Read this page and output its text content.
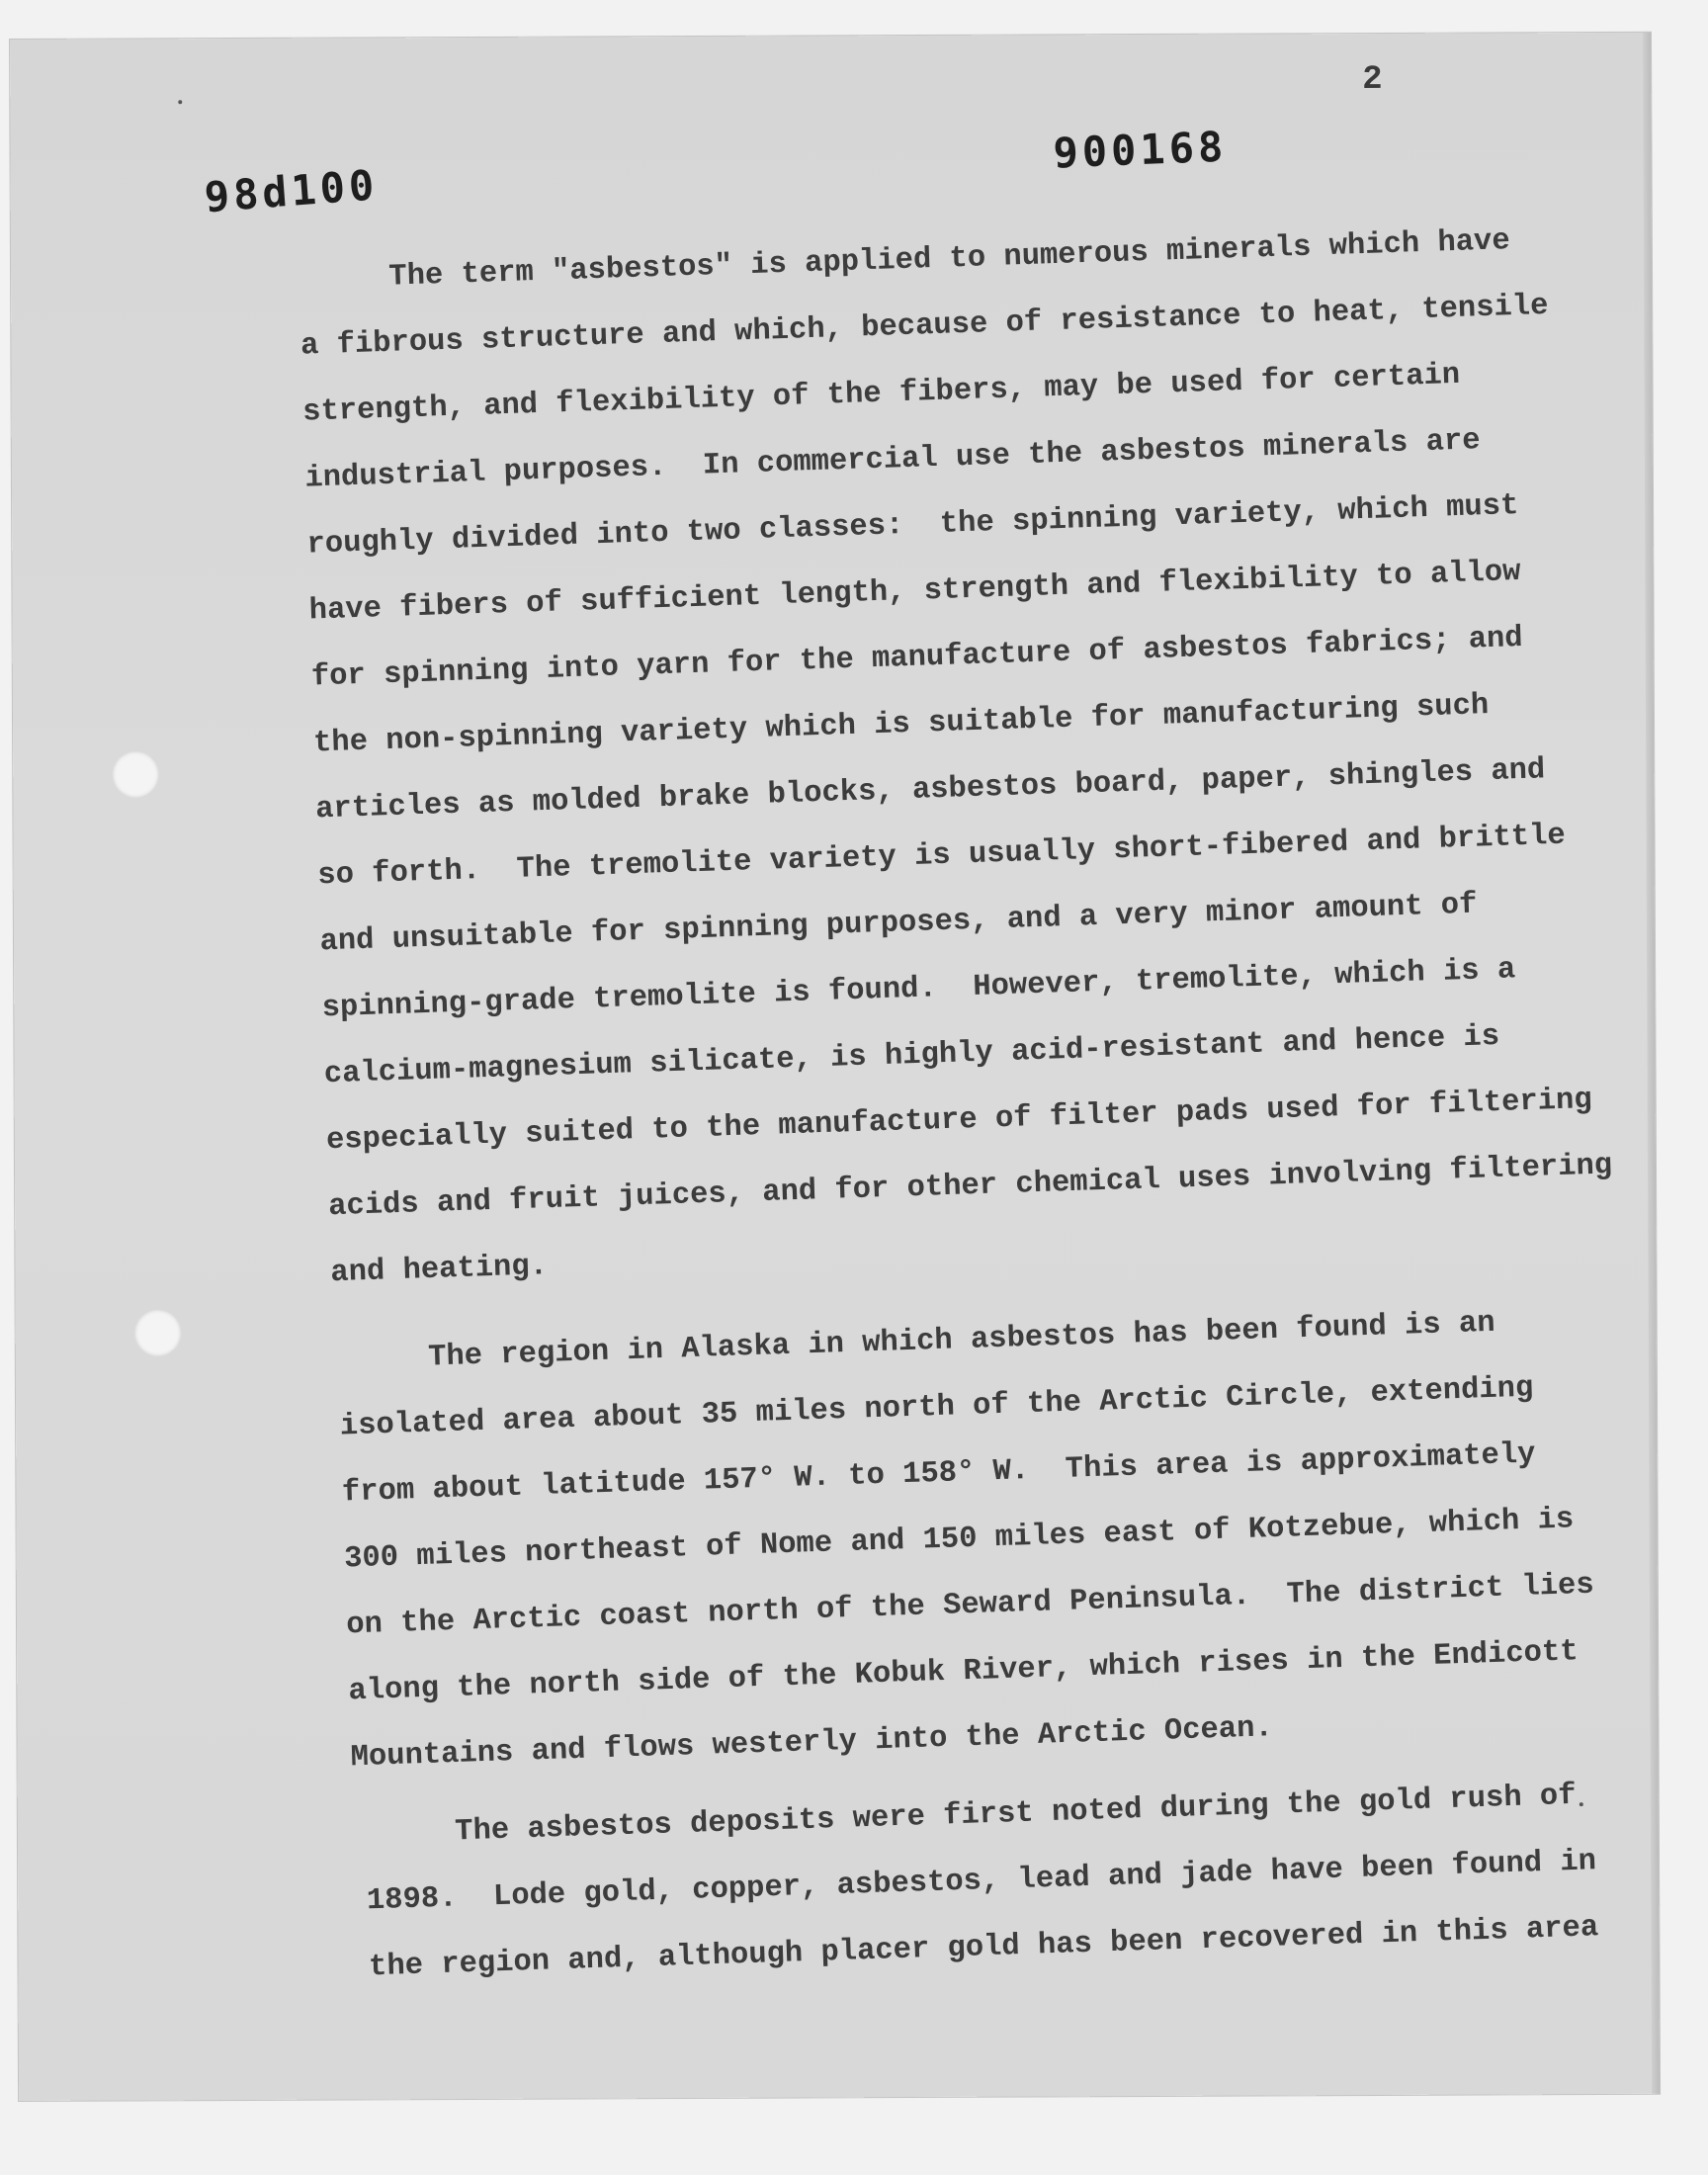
2
98d100
900168
The term "asbestos" is applied to numerous minerals which have
a fibrous structure and which, because of resistance to heat, tensile
strength, and flexibility of the fibers, may be used for certain
industrial purposes.  In commercial use the asbestos minerals are
roughly divided into two classes:  the spinning variety, which must
have fibers of sufficient length, strength and flexibility to allow
for spinning into yarn for the manufacture of asbestos fabrics; and
the non-spinning variety which is suitable for manufacturing such
articles as molded brake blocks, asbestos board, paper, shingles and
so forth.  The tremolite variety is usually short-fibered and brittle
and unsuitable for spinning purposes, and a very minor amount of
spinning-grade tremolite is found.  However, tremolite, which is a
calcium-magnesium silicate, is highly acid-resistant and hence is
especially suited to the manufacture of filter pads used for filtering
acids and fruit juices, and for other chemical uses involving filtering
and heating.
The region in Alaska in which asbestos has been found is an
isolated area about 35 miles north of the Arctic Circle, extending
from about latitude 157° W. to 158° W.  This area is approximately
300 miles northeast of Nome and 150 miles east of Kotzebue, which is
on the Arctic coast north of the Seward Peninsula.  The district lies
along the north side of the Kobuk River, which rises in the Endicott
Mountains and flows westerly into the Arctic Ocean.
The asbestos deposits were first noted during the gold rush of
1898.  Lode gold, copper, asbestos, lead and jade have been found in
the region and, although placer gold has been recovered in this area
